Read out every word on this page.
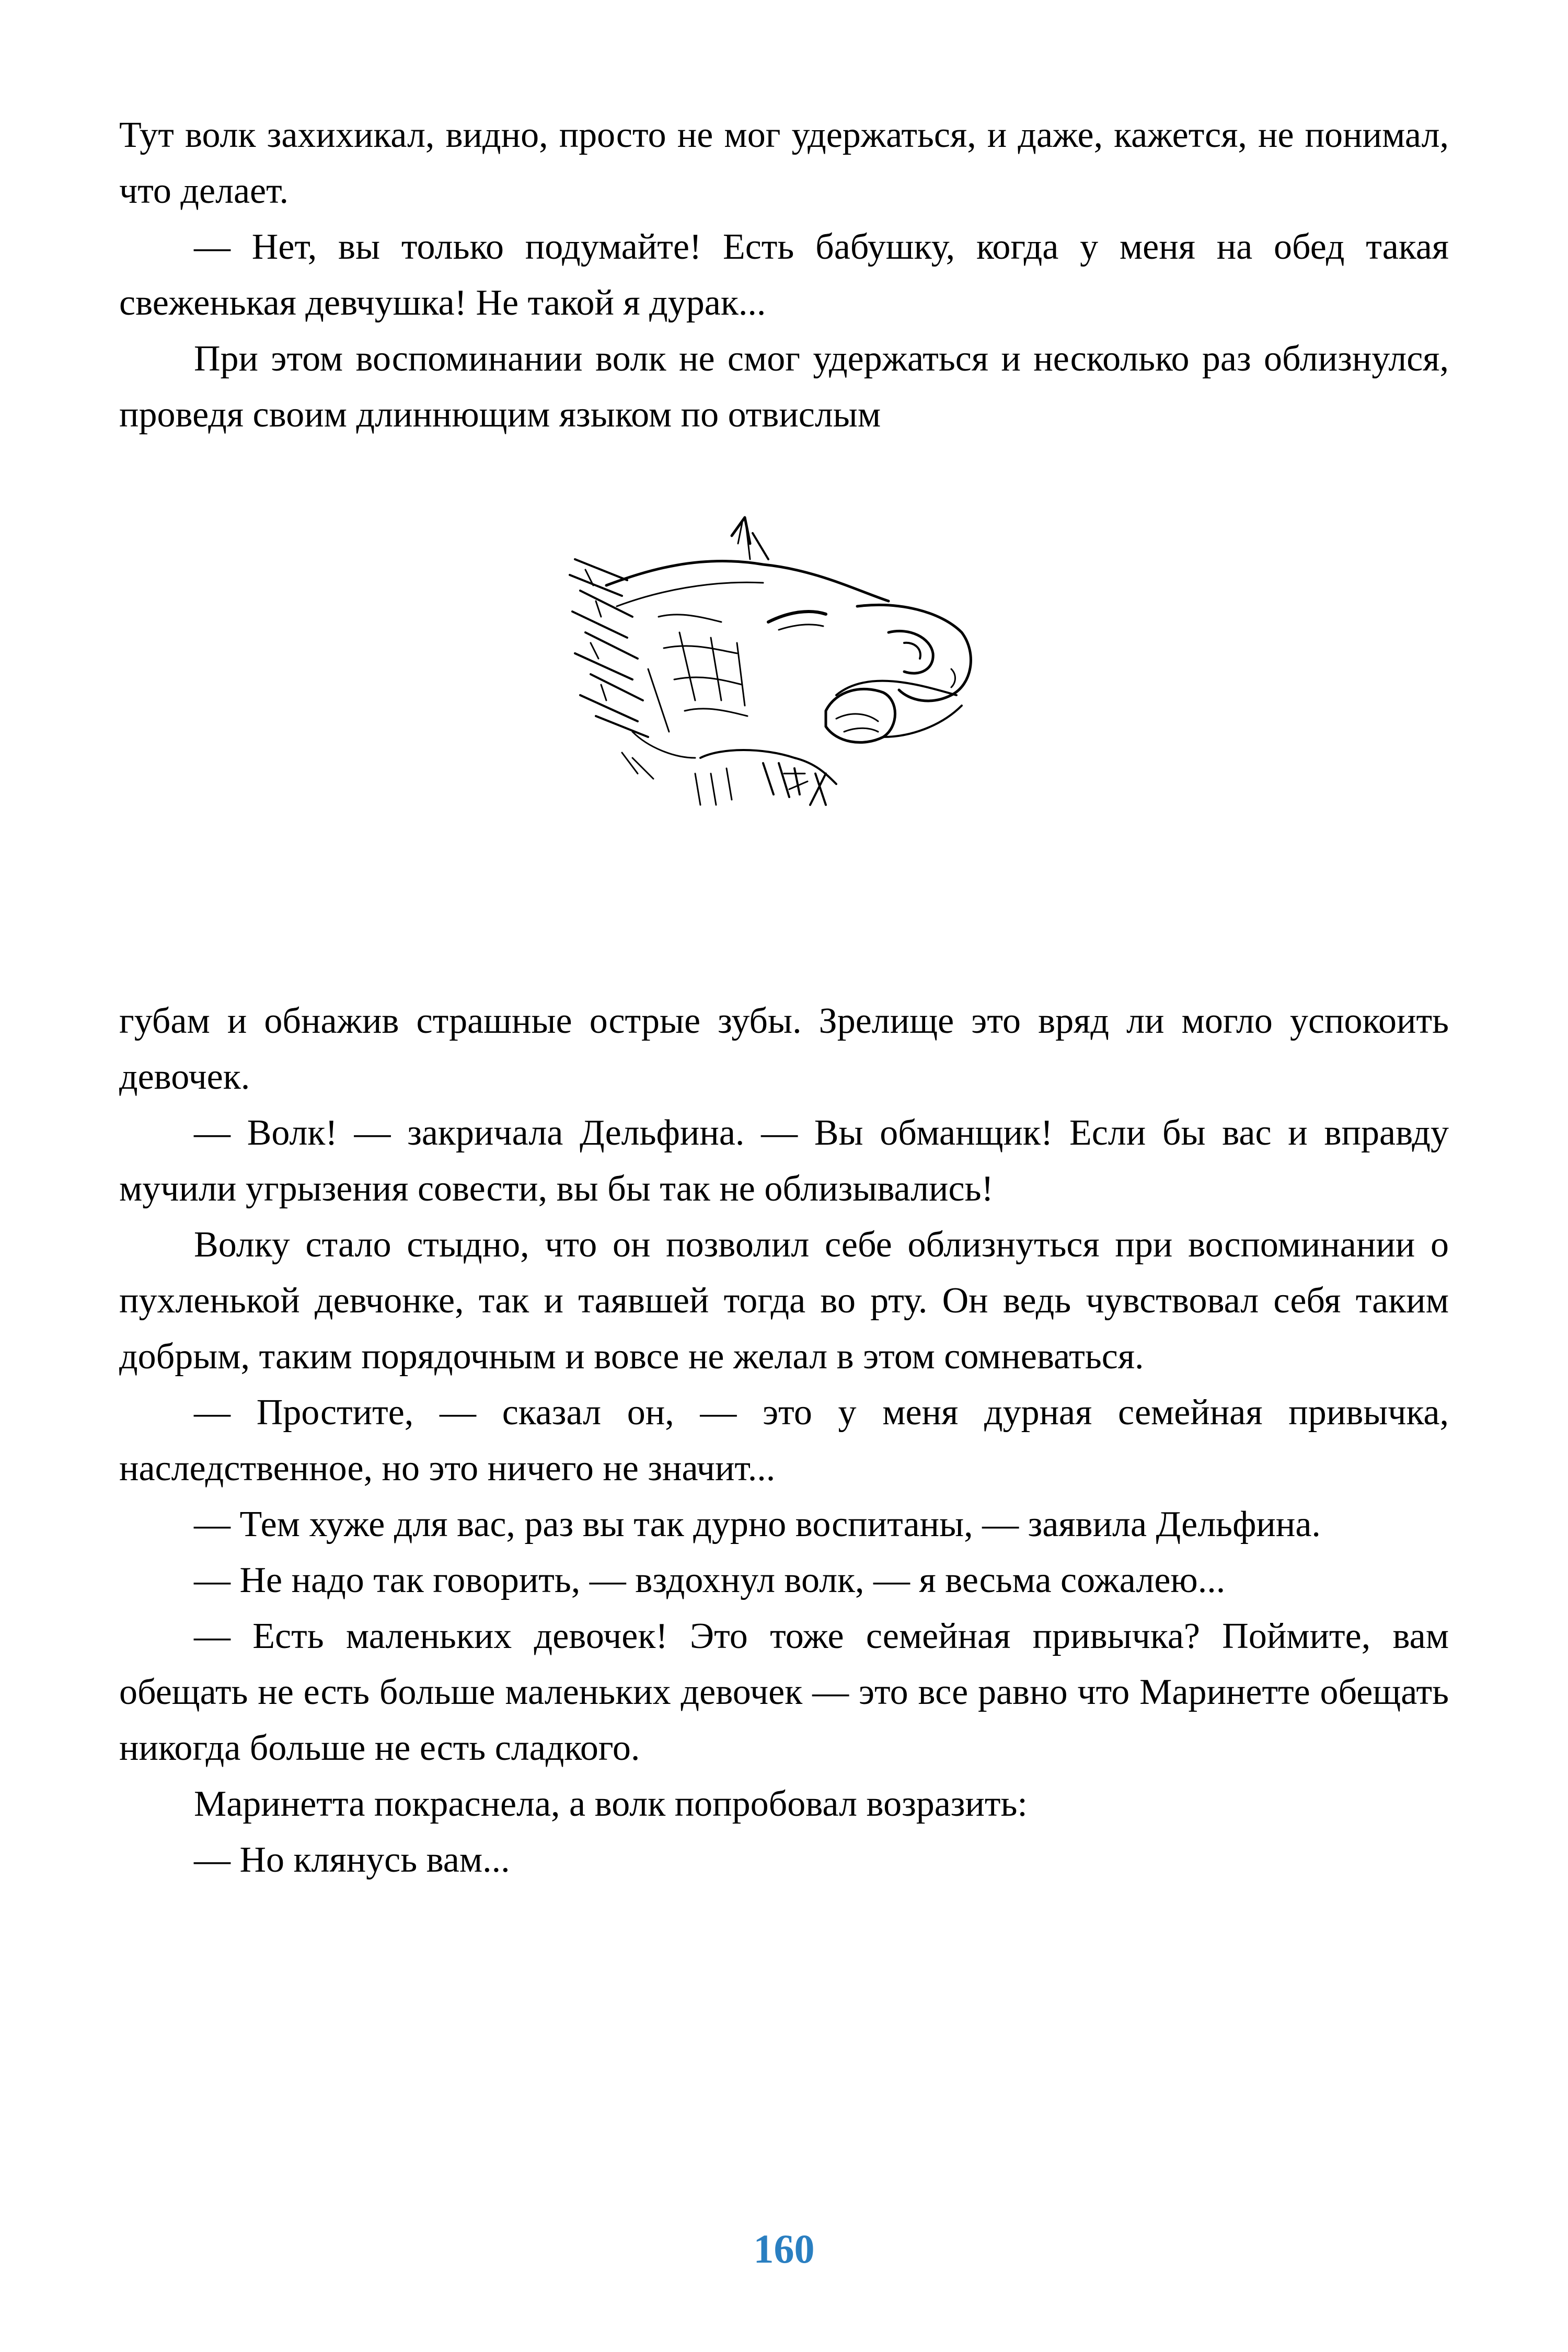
Тут волк захихикал, видно, просто не мог удержаться, и даже, кажется, не понимал, что делает.

— Нет, вы только подумайте! Есть бабушку, когда у меня на обед такая свеженькая девчушка! Не такой я дурак...

При этом воспоминании волк не смог удержаться и несколько раз облизнулся, проведя своим длиннющим языком по отвислым

губам и обнажив страшные острые зубы. Зрелище это вряд ли могло успокоить девочек.

— Волк! — закричала Дельфина. — Вы обманщик! Если бы вас и вправду мучили угрызения совести, вы бы так не облизывались!

Волку стало стыдно, что он позволил себе облизнуться при воспоминании о пухленькой девчонке, так и таявшей тогда во рту. Он ведь чувствовал себя таким добрым, таким порядочным и вовсе не желал в этом сомневаться.

— Простите, — сказал он, — это у меня дурная семейная привычка, наследственное, но это ничего не значит...

— Тем хуже для вас, раз вы так дурно воспитаны, — заявила Дельфина.

— Не надо так говорить, — вздохнул волк, — я весьма сожалею...

— Есть маленьких девочек! Это тоже семейная привычка? Поймите, вам обещать не есть больше маленьких девочек — это все равно что Маринетте обещать никогда больше не есть сладкого.

Маринетта покраснела, а волк попробовал возразить:

— Но клянусь вам...

160
